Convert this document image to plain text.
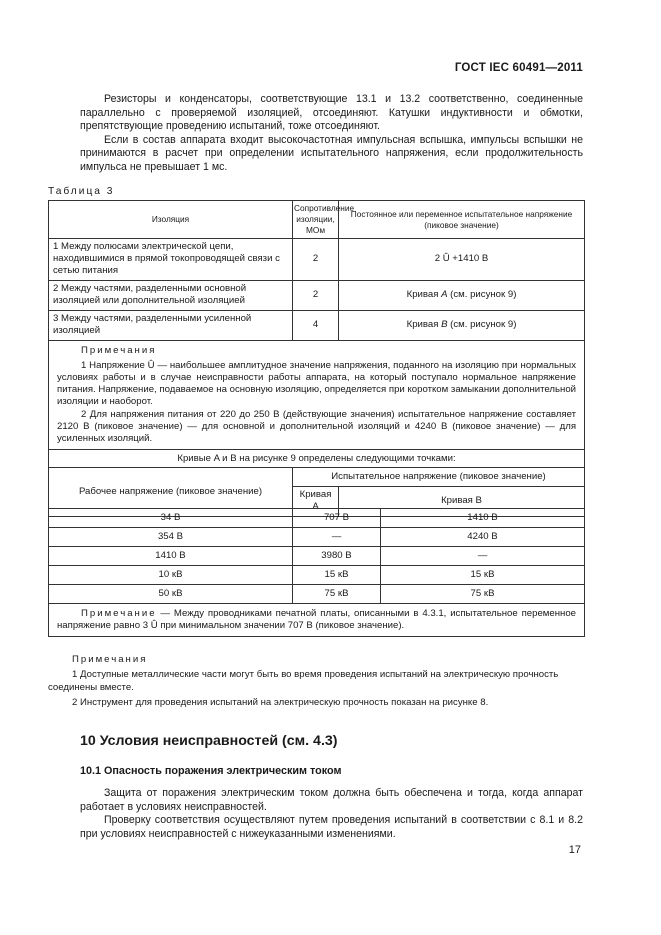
ГОСТ IEC 60491—2011

Резисторы и конденсаторы, соответствующие 13.1 и 13.2 соответственно, соединенные параллельно с проверяемой изоляцией, отсоединяют. Катушки индуктивности и обмотки, препятствующие проведению испытаний, тоже отсоединяют.

Если в состав аппарата входит высокочастотная импульсная вспышка, импульсы вспышки не принимаются в расчет при определении испытательного напряжения, если продолжительность импульса не превышает 1 мс.

Таблица 3
Изоляция	Сопротивление изоляции, МОм	Постоянное или переменное испытательное напряжение (пиковое значение)
1 Между полюсами электрической цепи, находившимися в прямой токопроводящей связи с сетью питания	2	2 Û +1410 В
2 Между частями, разделенными основной изоляцией или дополнительной изоляцией	2	Кривая A (см. рисунок 9)
3 Между частями, разделенными усиленной изоляцией	4	Кривая B (см. рисунок 9)

Примечания

1 Напряжение Û — наибольшее амплитудное значение напряжения, поданного на изоляцию при нормальных условиях работы и в случае неисправности работы аппарата, на который поступало нормальное напряжение питания. Напряжение, подаваемое на основную изоляцию, определяется при коротком замыкании дополнительной изоляции и наоборот.

2 Для напряжения питания от 220 до 250 В (действующие значения) испытательное напряжение составляет 2120 В (пиковое значение) — для основной и дополнительной изоляций и 4240 В (пиковое значение) — для усиленных изоляций.		

Кривые A и B на рисунке 9 определены следующими точками:		
Рабочее напряжение (пиковое значение)	Испытательное напряжение (пиковое значение)	
	Кривая A	Кривая B
34 В	707 В	1410 В
354 В	—	4240 В
1410 В	3980 В	—
10 кВ	15 кВ	15 кВ
50 кВ	75 кВ	75 кВ
Примечание — Между проводниками печатной платы, описанными в 4.3.1, испытательное переменное напряжение равно 3 Û при минимальном значении 707 В (пиковое значение).		

Примечания

1 Доступные металлические части могут быть во время проведения испытаний на электрическую прочность соединены вместе.

2 Инструмент для проведения испытаний на электрическую прочность показан на рисунке 8.

10 Условия неисправностей (см. 4.3)
10.1 Опасность поражения электрическим током

Защита от поражения электрическим током должна быть обеспечена и тогда, когда аппарат работает в условиях неисправностей.

Проверку соответствия осуществляют путем проведения испытаний в соответствии с 8.1 и 8.2 при условиях неисправностей с нижеуказанными изменениями.

17
